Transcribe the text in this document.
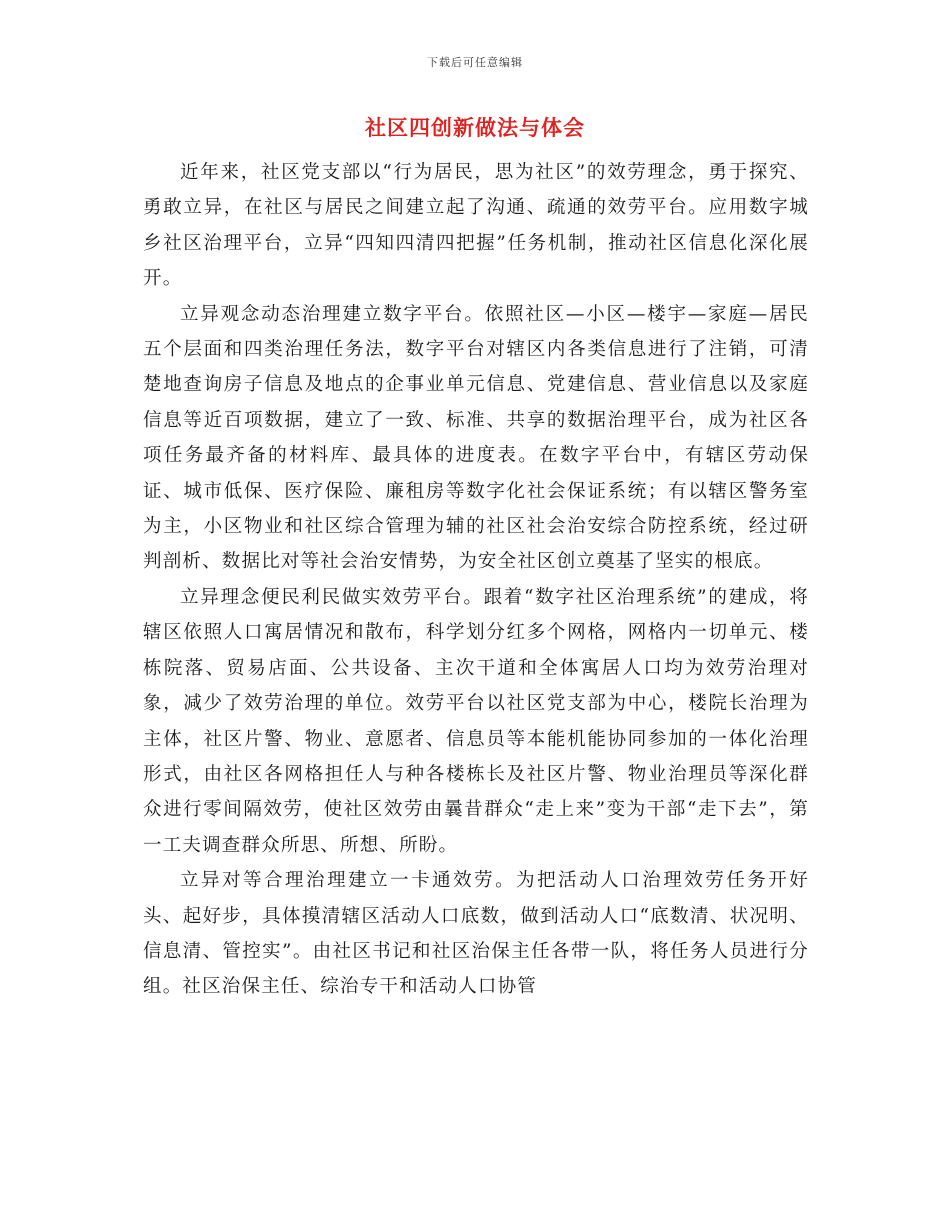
下载后可任意编辑
社区四创新做法与体会

近年来，社区党支部以“行为居民，思为社区”的效劳理念，勇于探究、勇敢立异，在社区与居民之间建立起了沟通、疏通的效劳平台。应用数字城乡社区治理平台，立异“四知四清四把握”任务机制，推动社区信息化深化展开。

立异观念动态治理建立数字平台。依照社区—小区—楼宇—家庭—居民五个层面和四类治理任务法，数字平台对辖区内各类信息进行了注销，可清楚地查询房子信息及地点的企事业单元信息、党建信息、营业信息以及家庭信息等近百项数据，建立了一致、标准、共享的数据治理平台，成为社区各项任务最齐备的材料库、最具体的进度表。在数字平台中，有辖区劳动保证、城市低保、医疗保险、廉租房等数字化社会保证系统；有以辖区警务室为主，小区物业和社区综合管理为辅的社区社会治安综合防控系统，经过研判剖析、数据比对等社会治安情势，为安全社区创立奠基了坚实的根底。

立异理念便民利民做实效劳平台。跟着“数字社区治理系统”的建成，将辖区依照人口寓居情况和散布，科学划分红多个网格，网格内一切单元、楼栋院落、贸易店面、公共设备、主次干道和全体寓居人口均为效劳治理对象，减少了效劳治理的单位。效劳平台以社区党支部为中心，楼院长治理为主体，社区片警、物业、意愿者、信息员等本能机能协同参加的一体化治理形式，由社区各网格担任人与种各楼栋长及社区片警、物业治理员等深化群众进行零间隔效劳，使社区效劳由曩昔群众“走上来”变为干部“走下去”，第一工夫调查群众所思、所想、所盼。

立异对等合理治理建立一卡通效劳。为把活动人口治理效劳任务开好头、起好步，具体摸清辖区活动人口底数，做到活动人口“底数清、状况明、信息清、管控实”。由社区书记和社区治保主任各带一队，将任务人员进行分组。社区治保主任、综治专干和活动人口协管
